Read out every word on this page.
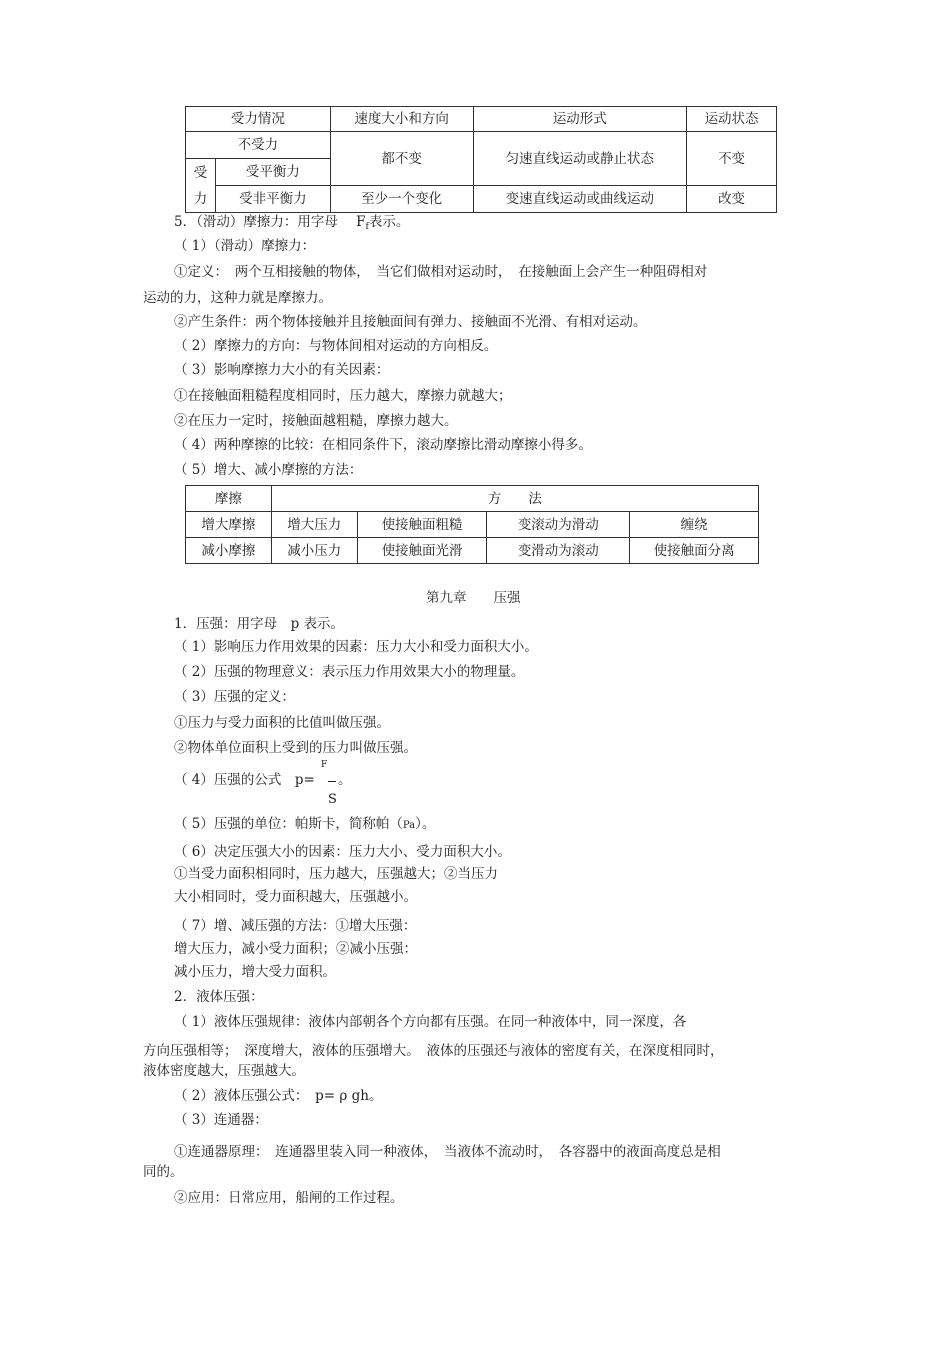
受力情况		速度大小和方向	运动形式	运动状态
不受力		都不变	匀速直线运动或静止状态	不变
受
力	受平衡力			
	受非平衡力	至少一个变化	变速直线运动或曲线运动	改变
5．（滑动）摩擦力：用字母 $F_f$表示。
（ 1）（滑动）摩擦力：
①定义：　两个互相接触的物体，　当它们做相对运动时，　在接触面上会产生一种阻碍相对
运动的力，这种力就是摩擦力。
②产生条件：两个物体接触并且接触面间有弹力、接触面不光滑、有相对运动。
（ 2）摩擦力的方向：与物体间相对运动的方向相反。
（ 3）影响摩擦力大小的有关因素：
①在接触面粗糙程度相同时，压力越大，摩擦力就越大；
②在压力一定时，接触面越粗糙，摩擦力越大。
（ 4）两种摩擦的比较：在相同条件下，滚动摩擦比滑动摩擦小得多。
（ 5）增大、减小摩擦的方法：
摩擦	方　　法			
增大摩擦	增大压力	使接触面粗糙	变滚动为滑动	缠绕
减小摩擦	减小压力	使接触面光滑	变滑动为滚动	使接触面分离
第九章　　压强
1．压强：用字母　p 表示。
（ 1）影响压力作用效果的因素：压力大小和受力面积大小。
（ 2）压强的物理意义：表示压力作用效果大小的物理量。
（ 3）压强的定义：
①压力与受力面积的比值叫做压强。
②物体单位面积上受到的压力叫做压强。
（ 4）压强的公式　p=
F
S
。
（ 5）压强的单位：帕斯卡，简称帕（Pa）。
（ 6）决定压强大小的因素：压力大小、受力面积大小。
①当受力面积相同时，压力越大，压强越大；②当压力
大小相同时，受力面积越大，压强越小。
（ 7）增、减压强的方法：①增大压强：
增大压力，减小受力面积；②减小压强：
减小压力，增大受力面积。
2．液体压强：
（ 1）液体压强规律：液体内部朝各个方向都有压强。在同一种液体中，同一深度，各
方向压强相等；　深度增大，液体的压强增大。　液体的压强还与液体的密度有关，在深度相同时，
液体密度越大，压强越大。
（ 2）液体压强公式：　p= ρ gh。
（ 3）连通器：
①连通器原理：　连通器里装入同一种液体，　当液体不流动时，　各容器中的液面高度总是相
同的。
②应用：日常应用，船闸的工作过程。
